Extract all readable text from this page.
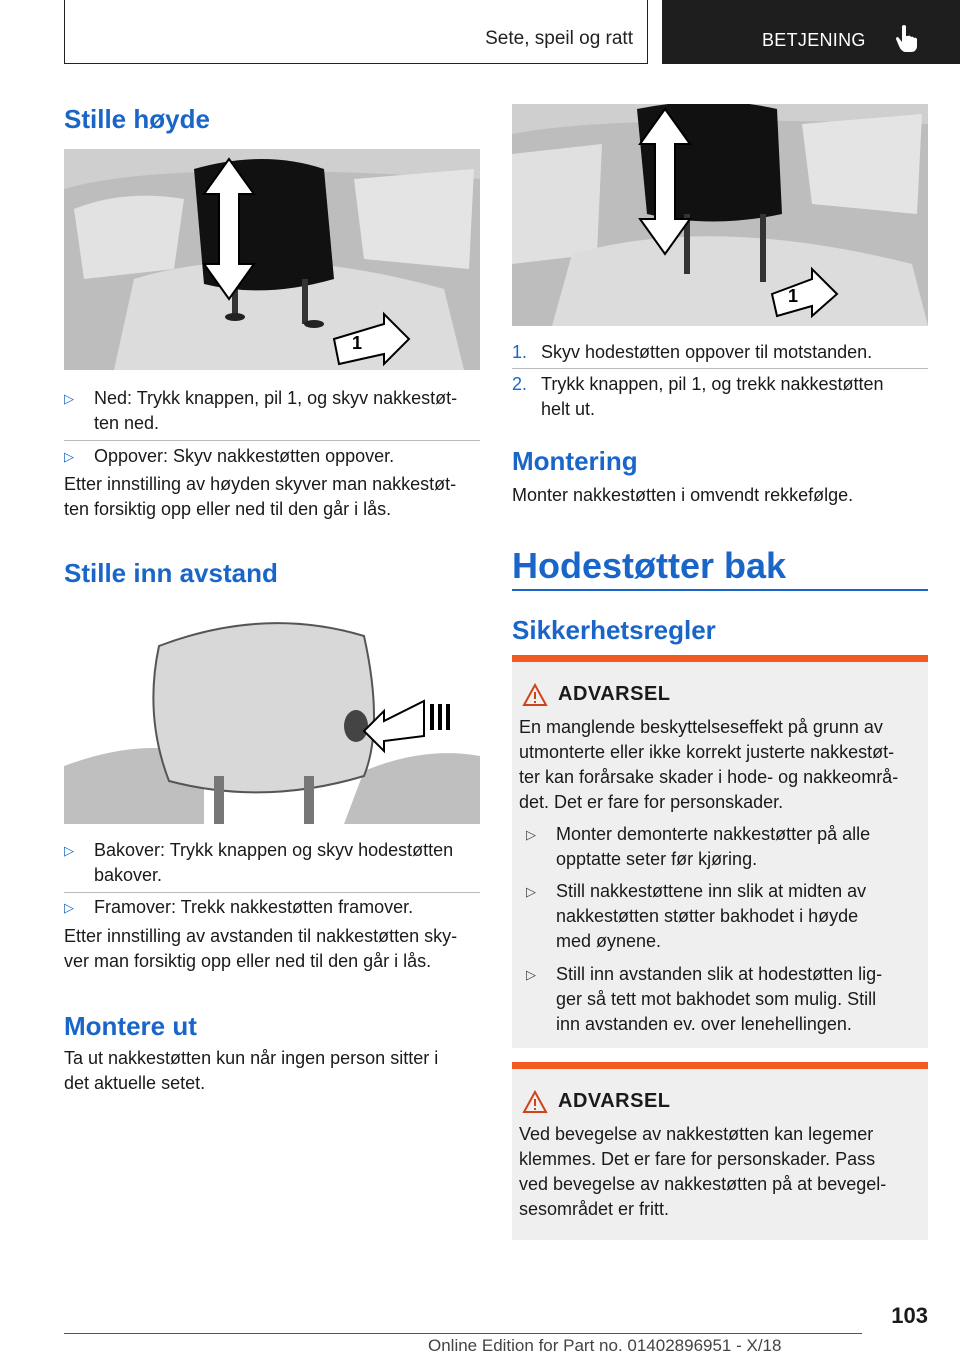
Sete, speil og ratt	BETJENING
Stille høyde
1
▷ Ned: Trykk knappen, pil 1, og skyv nakkestøt-
ten ned.
▷ Oppover: Skyv nakkestøtten oppover.
Etter innstilling av høyden skyver man nakkestøt-
ten forsiktig opp eller ned til den går i lås.
Stille inn avstand
▷ Bakover: Trykk knappen og skyv hodestøtten
bakover.
▷ Framover: Trekk nakkestøtten framover.
Etter innstilling av avstanden til nakkestøtten sky-
ver man forsiktig opp eller ned til den går i lås.
Montere ut
Ta ut nakkestøtten kun når ingen person sitter i
det aktuelle setet.
1
1. Skyv hodestøtten oppover til motstanden.
2. Trykk knappen, pil 1, og trekk nakkestøtten
helt ut.
Montering
Monter nakkestøtten i omvendt rekkefølge.
Hodestøtter bak
Sikkerhetsregler
ADVARSEL
En manglende beskyttelseseffekt på grunn av
utmonterte eller ikke korrekt justerte nakkestøt-
ter kan forårsake skader i hode- og nakkeområ-
det. Det er fare for personskader.
▷ Monter demonterte nakkestøtter på alle
opptatte seter før kjøring.
▷ Still nakkestøttene inn slik at midten av
nakkestøtten støtter bakhodet i høyde
med øynene.
▷ Still inn avstanden slik at hodestøtten lig-
ger så tett mot bakhodet som mulig. Still
inn avstanden ev. over lenehellingen.
ADVARSEL
Ved bevegelse av nakkestøtten kan legemer
klemmes. Det er fare for personskader. Pass
ved bevegelse av nakkestøtten på at bevegel-
sesområdet er fritt.
103
Online Edition for Part no. 01402896951 - X/18
